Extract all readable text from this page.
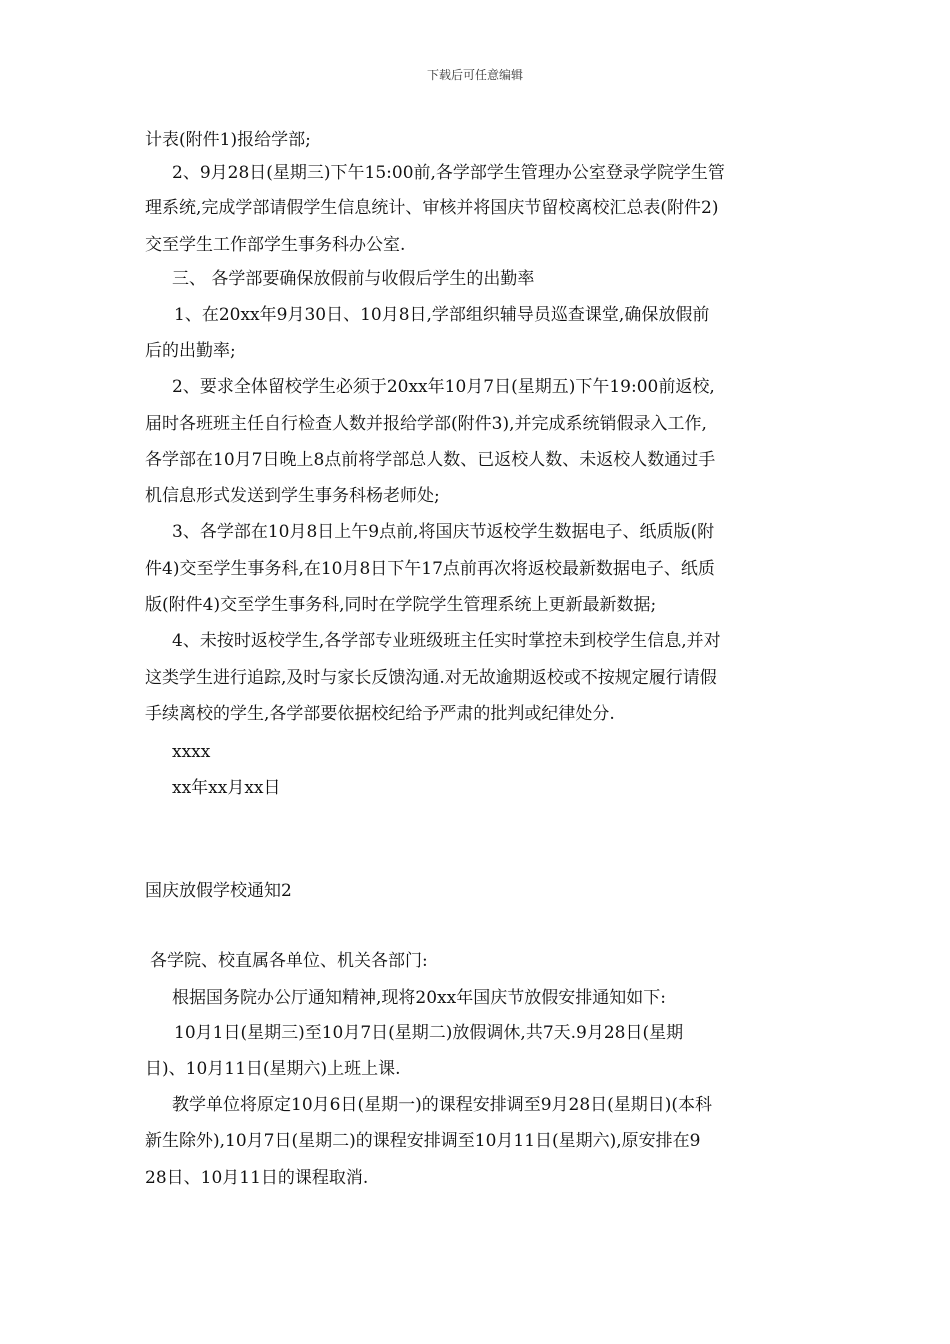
下载后可任意编辑
计表(附件1)报给学部;
2、9月28日(星期三)下午15:00前,各学部学生管理办公室登录学院学生管
理系统,完成学部请假学生信息统计、审核并将国庆节留校离校汇总表(附件2)
交至学生工作部学生事务科办公室.
三、 各学部要确保放假前与收假后学生的出勤率
1、在20xx年9月30日、10月8日,学部组织辅导员巡查课堂,确保放假前
后的出勤率;
2、要求全体留校学生必须于20xx年10月7日(星期五)下午19:00前返校,
届时各班班主任自行检查人数并报给学部(附件3),并完成系统销假录入工作,
各学部在10月7日晚上8点前将学部总人数、已返校人数、未返校人数通过手
机信息形式发送到学生事务科杨老师处;
3、各学部在10月8日上午9点前,将国庆节返校学生数据电子、纸质版(附
件4)交至学生事务科,在10月8日下午17点前再次将返校最新数据电子、纸质
版(附件4)交至学生事务科,同时在学院学生管理系统上更新最新数据;
4、未按时返校学生,各学部专业班级班主任实时掌控未到校学生信息,并对
这类学生进行追踪,及时与家长反馈沟通.对无故逾期返校或不按规定履行请假
手续离校的学生,各学部要依据校纪给予严肃的批判或纪律处分.
xxxx
xx年xx月xx日
国庆放假学校通知2
各学院、校直属各单位、机关各部门:
根据国务院办公厅通知精神,现将20xx年国庆节放假安排通知如下:
10月1日(星期三)至10月7日(星期二)放假调休,共7天.9月28日(星期
日)、10月11日(星期六)上班上课.
教学单位将原定10月6日(星期一)的课程安排调至9月28日(星期日)(本科
新生除外),10月7日(星期二)的课程安排调至10月11日(星期六),原安排在9
28日、10月11日的课程取消.
